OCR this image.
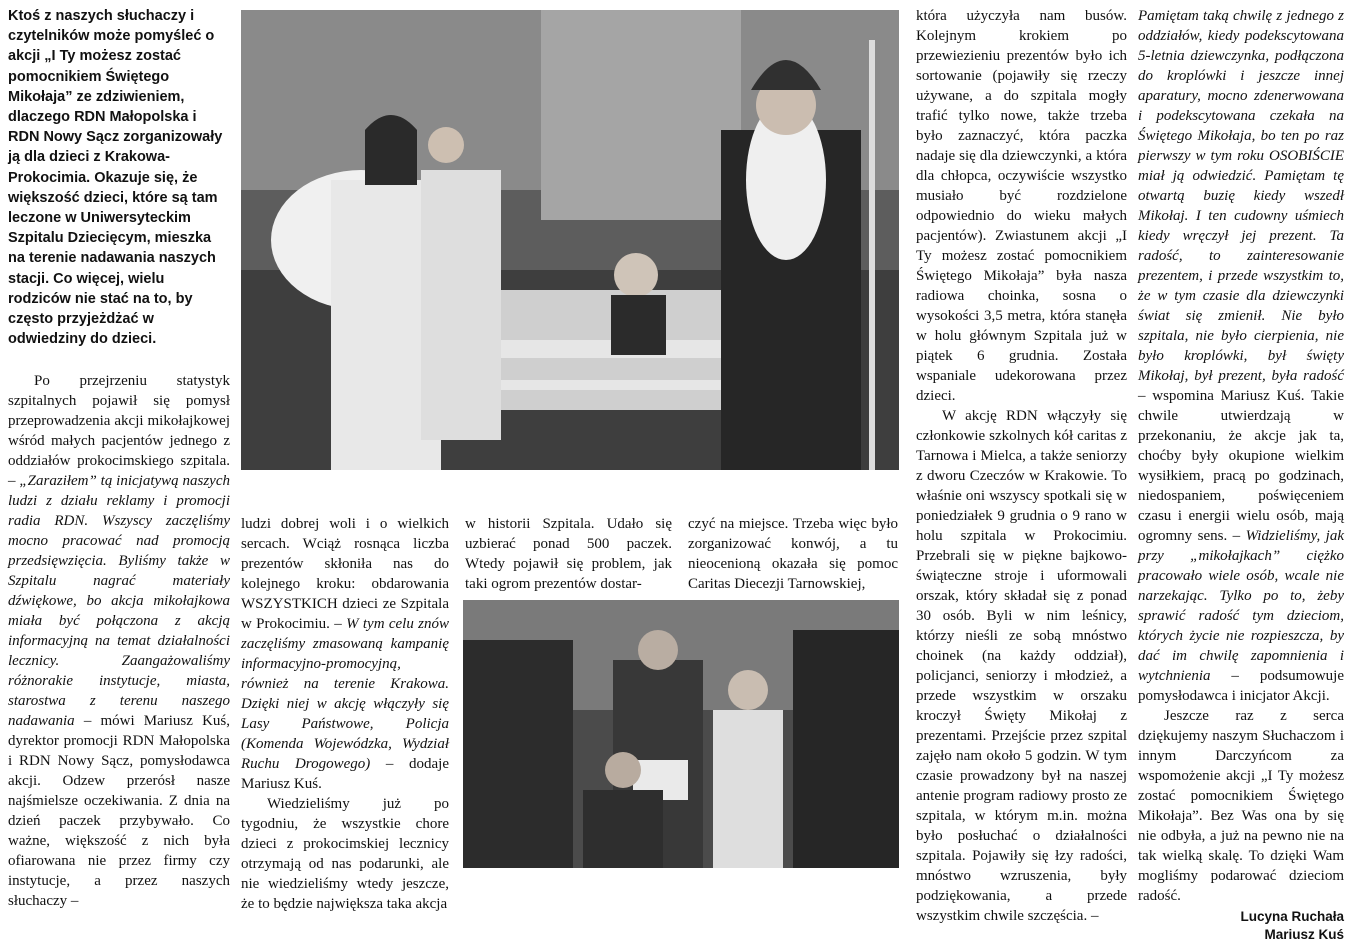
Ktoś z naszych słuchaczy i czytelników może pomyśleć o akcji „I Ty możesz zostać pomocnikiem Świętego Mikołaja” ze zdziwieniem, dlaczego RDN Małopolska i RDN Nowy Sącz zorganizowały ją dla dzieci z Krakowa-Prokocimia. Okazuje się, że większość dzieci, które są tam leczone w Uniwersyteckim Szpitalu Dziecięcym, mieszka na terenie nadawania naszych stacji. Co więcej, wielu rodziców nie stać na to, by często przyjeżdżać w odwiedziny do dzieci.

Po przejrzeniu statystyk szpitalnych pojawił się pomysł przeprowadzenia akcji mikołajkowej wśród małych pacjentów jednego z oddziałów prokocimskiego szpitala. – „Zaraziłem” tą inicjatywą naszych ludzi z działu reklamy i promocji radia RDN. Wszyscy zaczęliśmy mocno pracować nad promocją przedsięwzięcia. Byliśmy także w Szpitalu nagrać materiały dźwiękowe, bo akcja mikołajkowa miała być połączona z akcją informacyjną na temat działalności lecznicy. Zaangażowaliśmy różnorakie instytucje, miasta, starostwa z terenu naszego nadawania – mówi Mariusz Kuś, dyrektor promocji RDN Małopolska i RDN Nowy Sącz, pomysłodawca akcji. Odzew przerósł nasze najśmielsze oczekiwania. Z dnia na dzień paczek przybywało. Co ważne, większość z nich była ofiarowana nie przez firmy czy instytucje, a przez naszych słuchaczy –

ludzi dobrej woli i o wielkich sercach. Wciąż rosnąca liczba prezentów skłoniła nas do kolejnego kroku: obdarowania WSZYSTKICH dzieci ze Szpitala w Prokocimiu. – W tym celu znów zaczęliśmy zmasowaną kampanię informacyjno-promocyjną, również na terenie Krakowa. Dzięki niej w akcję włączyły się Lasy Państwowe, Policja (Komenda Wojewódzka, Wydział Ruchu Drogowego) – dodaje Mariusz Kuś.

Wiedzieliśmy już po tygodniu, że wszystkie chore dzieci z prokocimskiej lecznicy otrzymają od nas podarunki, ale nie wiedzieliśmy wtedy jeszcze, że to będzie największa taka akcja

w historii Szpitala. Udało się uzbierać ponad 500 paczek. Wtedy pojawił się problem, jak taki ogrom prezentów dostar-

czyć na miejsce. Trzeba więc było zorganizować konwój, a tu nieocenioną okazała się pomoc Caritas Diecezji Tarnowskiej,

która użyczyła nam busów. Kolejnym krokiem po przewiezieniu prezentów było ich sortowanie (pojawiły się rzeczy używane, a do szpitala mogły trafić tylko nowe, także trzeba było zaznaczyć, która paczka nadaje się dla dziewczynki, a która dla chłopca, oczywiście wszystko musiało być rozdzielone odpowiednio do wieku małych pacjentów). Zwiastunem akcji „I Ty możesz zostać pomocnikiem Świętego Mikołaja” była nasza radiowa choinka, sosna o wysokości 3,5 metra, która stanęła w holu głównym Szpitala już w piątek 6 grudnia. Została wspaniale udekorowana przez dzieci.

W akcję RDN włączyły się członkowie szkolnych kół caritas z Tarnowa i Mielca, a także seniorzy z dworu Czeczów w Krakowie. To właśnie oni wszyscy spotkali się w poniedziałek 9 grudnia o 9 rano w holu szpitala w Prokocimiu. Przebrali się w piękne bajkowo-świąteczne stroje i uformowali orszak, który składał się z ponad 30 osób. Byli w nim leśnicy, którzy nieśli ze sobą mnóstwo choinek (na każdy oddział), policjanci, seniorzy i młodzież, a przede wszystkim w orszaku kroczył Święty Mikołaj z prezentami. Przejście przez szpital zajęło nam około 5 godzin. W tym czasie prowadzony był na naszej antenie program radiowy prosto ze szpitala, w którym m.in. można było posłuchać o działalności szpitala. Pojawiły się łzy radości, mnóstwo wzruszenia, były podziękowania, a przede wszystkim chwile szczęścia. –

Pamiętam taką chwilę z jednego z oddziałów, kiedy podekscytowana 5-letnia dziewczynka, podłączona do kroplówki i jeszcze innej aparatury, mocno zdenerwowana i podekscytowana czekała na Świętego Mikołaja, bo ten po raz pierwszy w tym roku OSOBIŚCIE miał ją odwiedzić. Pamiętam tę otwartą buzię kiedy wszedł Mikołaj. I ten cudowny uśmiech kiedy wręczył jej prezent. Ta radość, to zainteresowanie prezentem, i przede wszystkim to, że w tym czasie dla dziewczynki świat się zmienił. Nie było szpitala, nie było cierpienia, nie było kroplówki, był święty Mikołaj, był prezent, była radość – wspomina Mariusz Kuś. Takie chwile utwierdzają w przekonaniu, że akcje jak ta, choćby były okupione wielkim wysiłkiem, pracą po godzinach, niedospaniem, poświęceniem czasu i energii wielu osób, mają ogromny sens. – Widzieliśmy, jak przy „mikołajkach” ciężko pracowało wiele osób, wcale nie narzekając. Tylko po to, żeby sprawić radość tym dzieciom, których życie nie rozpieszcza, by dać im chwilę zapomnienia i wytchnienia – podsumowuje pomysłodawca i inicjator Akcji.

Jeszcze raz z serca dziękujemy naszym Słuchaczom i innym Darczyńcom za wspomożenie akcji „I Ty możesz zostać pomocnikiem Świętego Mikołaja”. Bez Was ona by się nie odbyła, a już na pewno nie na tak wielką skalę. To dzięki Wam mogliśmy podarować dzieciom radość.

Lucyna Ruchała

Mariusz Kuś
